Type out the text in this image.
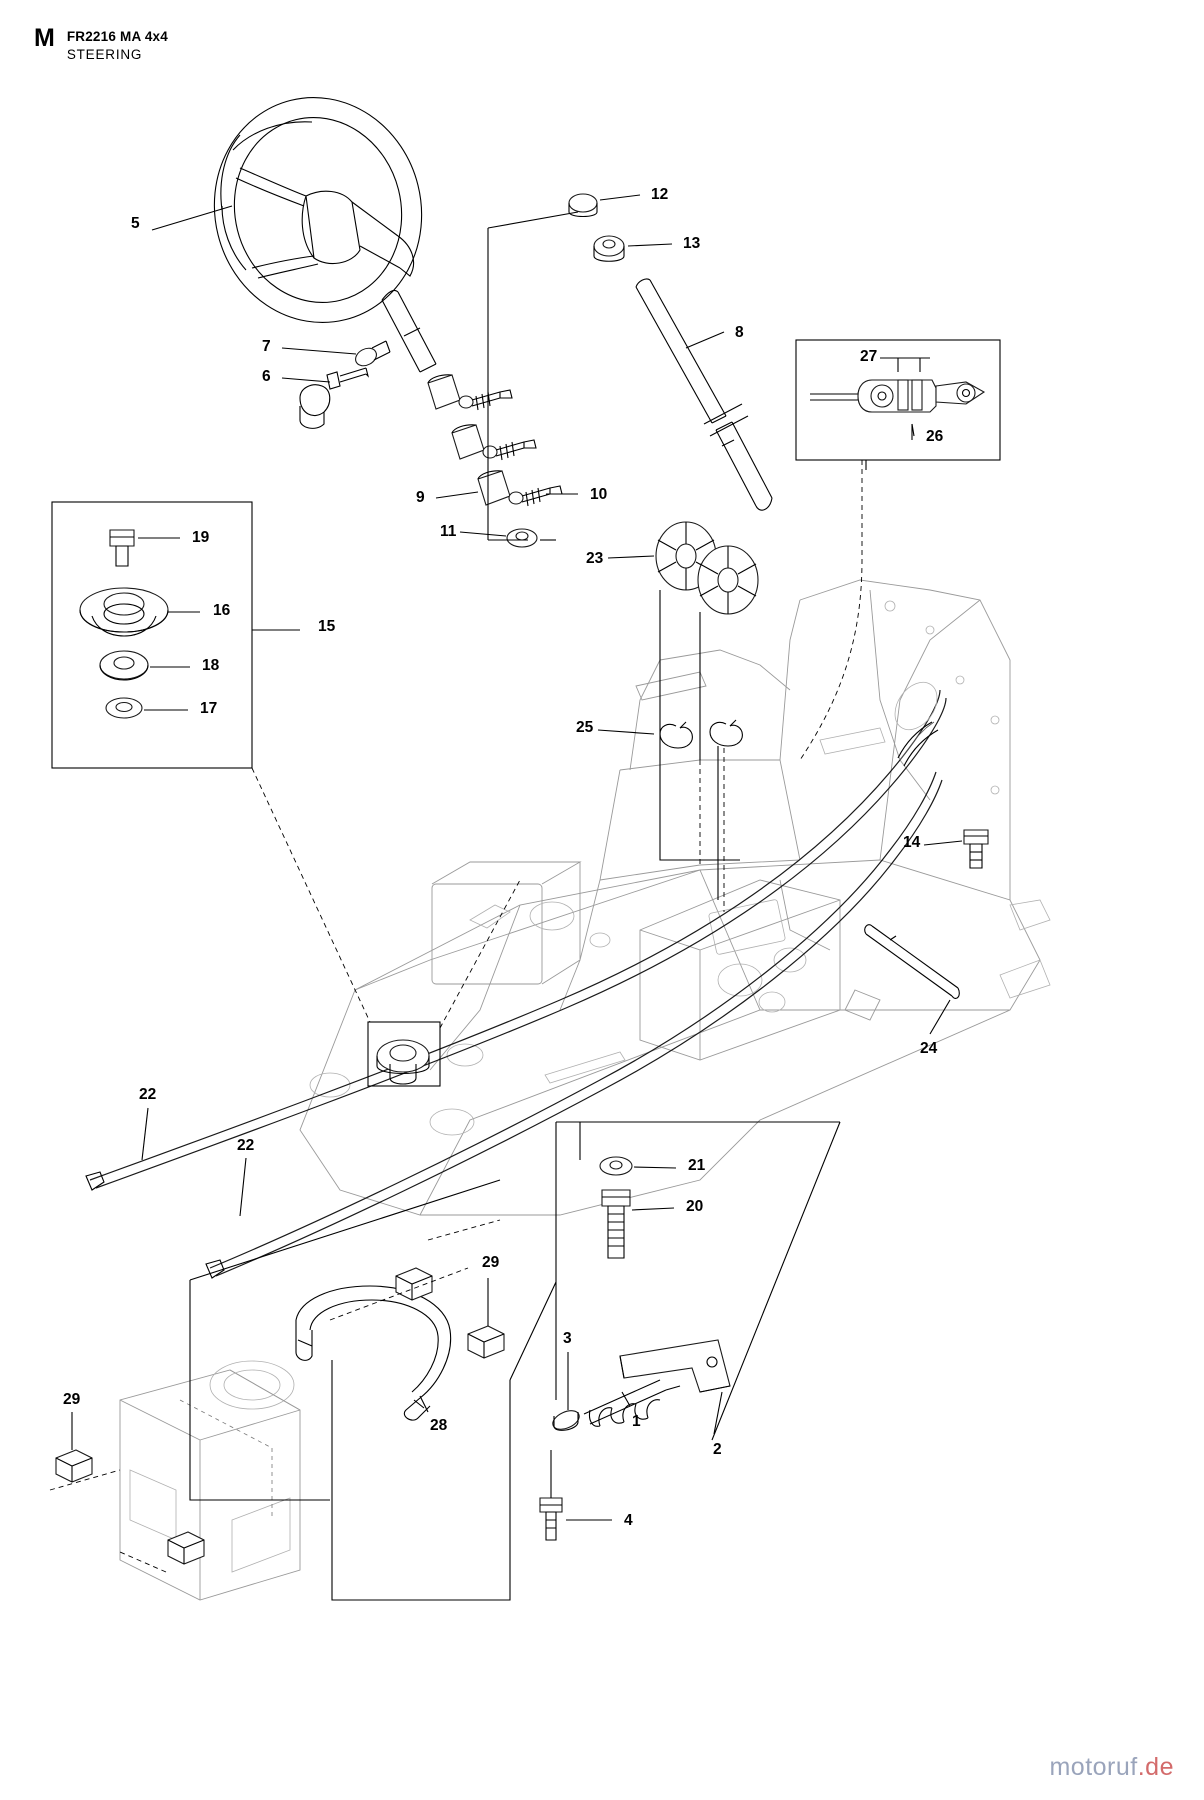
M FR2216 MA 4x4
STEERING
5
7
6
12
13
8
9	10
11
23
27
26
19
16
18
17
15
25
14
24
22
22
21
20
29
29
28
3
1
2
4
motoruf.de
